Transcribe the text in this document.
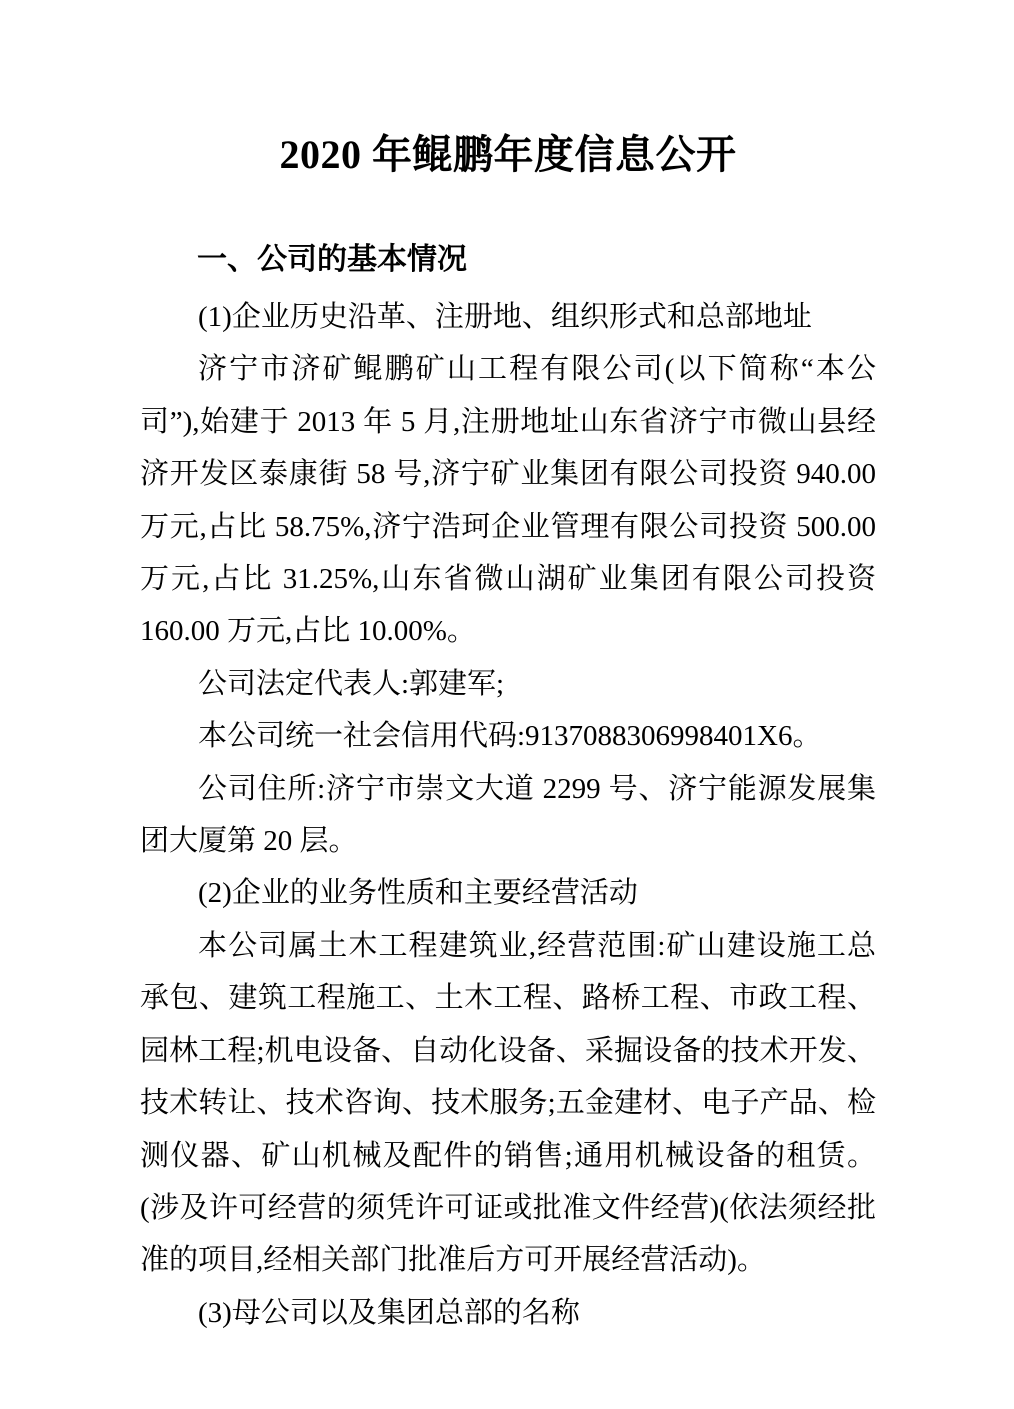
2020 年鲲鹏年度信息公开
一、公司的基本情况

(1)企业历史沿革、注册地、组织形式和总部地址

济宁市济矿鲲鹏矿山工程有限公司(以下简称“本公司”),始建于 2013 年 5 月,注册地址山东省济宁市微山县经济开发区泰康街 58 号,济宁矿业集团有限公司投资 940.00 万元,占比 58.75%,济宁浩珂企业管理有限公司投资 500.00 万元,占比 31.25%,山东省微山湖矿业集团有限公司投资 160.00 万元,占比 10.00%。

公司法定代表人:郭建军;

本公司统一社会信用代码:9137088306998401X6。

公司住所:济宁市崇文大道 2299 号、济宁能源发展集团大厦第 20 层。

(2)企业的业务性质和主要经营活动

本公司属土木工程建筑业,经营范围:矿山建设施工总承包、建筑工程施工、土木工程、路桥工程、市政工程、园林工程;机电设备、自动化设备、采掘设备的技术开发、技术转让、技术咨询、技术服务;五金建材、电子产品、检测仪器、矿山机械及配件的销售;通用机械设备的租赁。(涉及许可经营的须凭许可证或批准文件经营)(依法须经批准的项目,经相关部门批准后方可开展经营活动)。

(3)母公司以及集团总部的名称
